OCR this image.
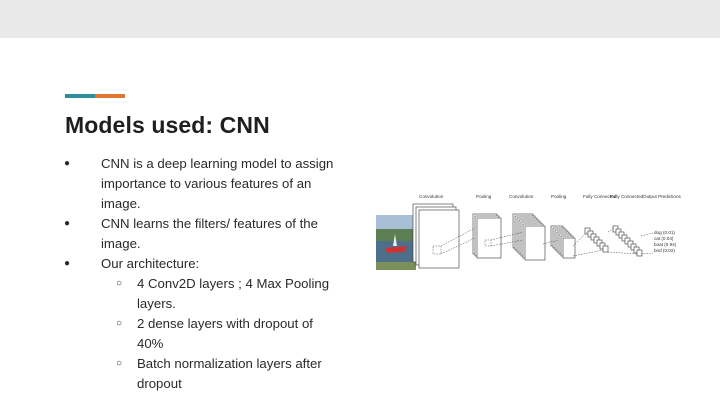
Models used: CNN
● CNN is a deep learning model to assign
importance to various features of an
image.
● CNN learns the filters/ features of the
image.
● Our architecture:
○ 4 Conv2D layers ; 4 Max Pooling
layers.
○ 2 dense layers with dropout of
40%
○ Batch normalization layers after
dropout
Convolution	Pooling	Convolution	Pooling	Fully Connected
Fully Connected Output Predictions
dog (0.01)
cat (0.04)
boat (0.94)
bird (0.02)
